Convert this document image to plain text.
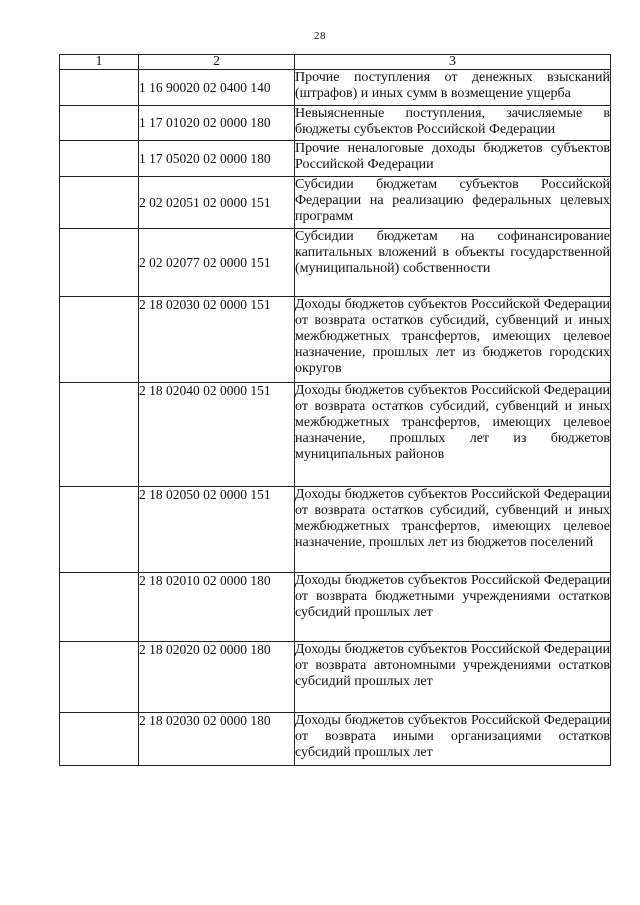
28
1	2	3
	1 16 90020 02 0400 140	Прочие поступления от денежных взысканий (штрафов) и иных сумм в возмещение ущерба
	1 17 01020 02 0000 180	Невыясненные поступления, зачисляемые в бюджеты субъектов Российской Федерации
	1 17 05020 02 0000 180	Прочие неналоговые доходы бюджетов субъектов Российской Федерации
	2 02 02051 02 0000 151	Субсидии бюджетам субъектов Российской Федерации на реализацию федеральных целевых программ
	2 02 02077 02 0000 151	Субсидии бюджетам на софинансирование капитальных вложений в объекты государственной (муниципальной) собственности
	2 18 02030 02 0000 151	Доходы бюджетов субъектов Российской Федерации от возврата остатков субсидий, субвенций и иных межбюджетных трансфертов, имеющих целевое назначение, прошлых лет из бюджетов городских округов
	2 18 02040 02 0000 151	Доходы бюджетов субъектов Российской Федерации от возврата остатков субсидий, субвенций и иных межбюджетных трансфертов, имеющих целевое назначение, прошлых лет из бюджетов муниципальных районов
	2 18 02050 02 0000 151	Доходы бюджетов субъектов Российской Федерации от возврата остатков субсидий, субвенций и иных межбюджетных трансфертов, имеющих целевое назначение, прошлых лет из бюджетов поселений
	2 18 02010 02 0000 180	Доходы бюджетов субъектов Российской Федерации от возврата бюджетными учреждениями остатков субсидий прошлых лет
	2 18 02020 02 0000 180	Доходы бюджетов субъектов Российской Федерации от возврата автономными учреждениями остатков субсидий прошлых лет
	2 18 02030 02 0000 180	Доходы бюджетов субъектов Российской Федерации от возврата иными организациями остатков субсидий прошлых лет
